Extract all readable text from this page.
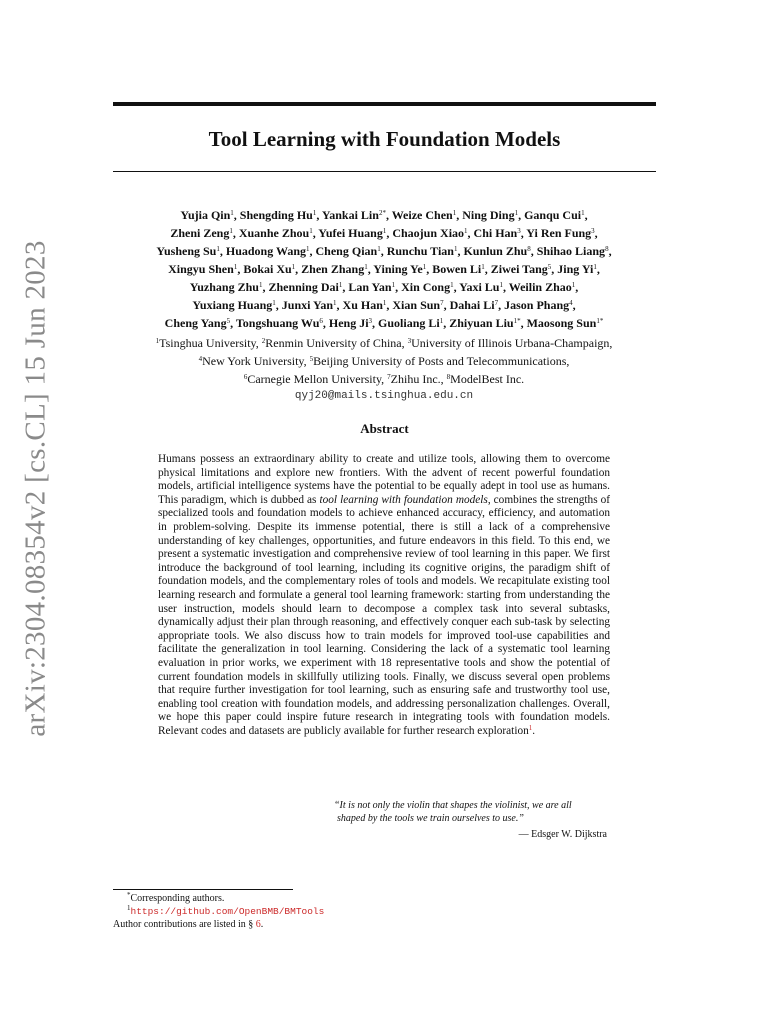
arXiv:2304.08354v2 [cs.CL] 15 Jun 2023
Tool Learning with Foundation Models
Yujia Qin$^1$, Shengding Hu$^1$, Yankai Lin$^{2*}$, Weize Chen$^1$, Ning Ding$^1$, Ganqu Cui$^1$,
Zheni Zeng$^1$, Xuanhe Zhou$^1$, Yufei Huang$^1$, Chaojun Xiao$^1$, Chi Han$^3$, Yi Ren Fung$^3$,
Yusheng Su$^1$, Huadong Wang$^1$, Cheng Qian$^1$, Runchu Tian$^1$, Kunlun Zhu$^8$, Shihao Liang$^8$,
Xingyu Shen$^1$, Bokai Xu$^1$, Zhen Zhang$^1$, Yining Ye$^1$, Bowen Li$^1$, Ziwei Tang$^5$, Jing Yi$^1$,
Yuzhang Zhu$^1$, Zhenning Dai$^1$, Lan Yan$^1$, Xin Cong$^1$, Yaxi Lu$^1$, Weilin Zhao$^1$,
Yuxiang Huang$^1$, Junxi Yan$^1$, Xu Han$^1$, Xian Sun$^7$, Dahai Li$^7$, Jason Phang$^4$,
Cheng Yang$^5$, Tongshuang Wu$^6$, Heng Ji$^3$, Guoliang Li$^1$, Zhiyuan Liu$^{1*}$, Maosong Sun$^{1*}$
$^1$Tsinghua University, $^2$Renmin University of China, $^3$University of Illinois Urbana-Champaign,
$^4$New York University, $^5$Beijing University of Posts and Telecommunications,
$^6$Carnegie Mellon University, $^7$Zhihu Inc., $^8$ModelBest Inc.
qyj20@mails.tsinghua.edu.cn
Abstract
Humans possess an extraordinary ability to create and utilize tools, allowing them to overcome physical limitations and explore new frontiers. With the advent of recent powerful foundation models, artificial intelligence systems have the potential to be equally adept in tool use as humans. This paradigm, which is dubbed as tool learning with foundation models, combines the strengths of specialized tools and foundation models to achieve enhanced accuracy, efficiency, and automation in problem-solving. Despite its immense potential, there is still a lack of a comprehensive understanding of key challenges, opportunities, and future endeavors in this field. To this end, we present a systematic investigation and comprehensive review of tool learning in this paper. We first introduce the background of tool learning, including its cognitive origins, the paradigm shift of foundation models, and the complementary roles of tools and models. We recapitulate existing tool learning research and formulate a general tool learning framework: starting from understanding the user instruction, models should learn to decompose a complex task into several subtasks, dynamically adjust their plan through reasoning, and effectively conquer each sub-task by selecting appropriate tools. We also discuss how to train models for improved tool-use capabilities and facilitate the generalization in tool learning. Considering the lack of a systematic tool learning evaluation in prior works, we experiment with 18 representative tools and show the potential of current foundation models in skillfully utilizing tools. Finally, we discuss several open problems that require further investigation for tool learning, such as ensuring safe and trustworthy tool use, enabling tool creation with foundation models, and addressing personalization challenges. Overall, we hope this paper could inspire future research in integrating tools with foundation models. Relevant codes and datasets are publicly available for further research exploration$^1$.
“It is not only the violin that shapes the violinist, we are all
shaped by the tools we train ourselves to use.”
— Edsger W. Dijkstra
*Corresponding authors.
$^1$https://github.com/OpenBMB/BMTools
Author contributions are listed in § 6.
